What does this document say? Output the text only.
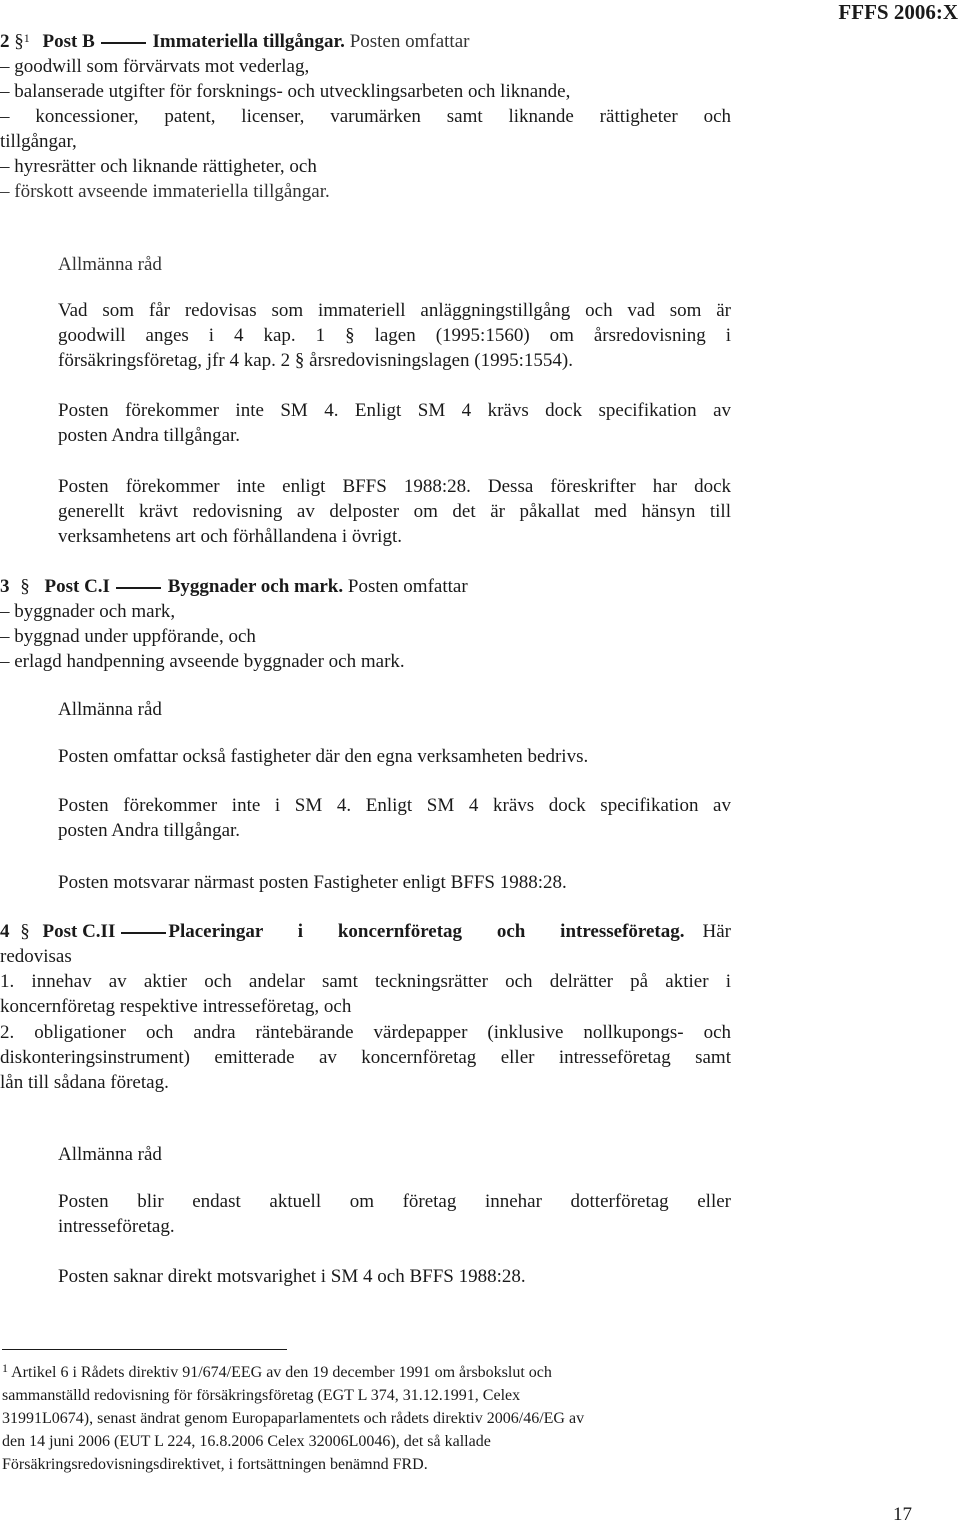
FFFS 2006:X
2 §$^1$ Post B	Immateriella tillgångar. Posten omfattar
– goodwill som förvärvats mot vederlag,
– balanserade utgifter för forsknings- och utvecklingsarbeten och liknande,
– koncessioner, patent, licenser, varumärken samt liknande rättigheter och
tillgångar,
– hyresrätter och liknande rättigheter, och
– förskott avseende immateriella tillgångar.
Allmänna råd
Vad som får redovisas som immateriell anläggningstillgång och vad som är
goodwill anges i 4 kap. 1 § lagen (1995:1560) om årsredovisning i
försäkringsföretag, jfr 4 kap. 2 § årsredovisningslagen (1995:1554).
Posten förekommer inte SM 4. Enligt SM 4 krävs dock specifikation av
posten Andra tillgångar.
Posten förekommer inte enligt BFFS 1988:28. Dessa föreskrifter har dock
generellt krävt redovisning av delposter om det är påkallat med hänsyn till
verksamhetens art och förhållandena i övrigt.
3 § Post C.I	Byggnader och mark. Posten omfattar
– byggnader och mark,
– byggnad under uppförande, och
– erlagd handpenning avseende byggnader och mark.
Allmänna råd
Posten omfattar också fastigheter där den egna verksamheten bedrivs.
Posten förekommer inte i SM 4. Enligt SM 4 krävs dock specifikation av
posten Andra tillgångar.
Posten motsvarar närmast posten Fastigheter enligt BFFS 1988:28.
4 § Post C.II	Placeringar i koncernföretag och intresseföretag. Här
redovisas
1. innehav av aktier och andelar samt teckningsrätter och delrätter på aktier i
koncernföretag respektive intresseföretag, och
2. obligationer och andra räntebärande värdepapper (inklusive nollkupongs- och
diskonteringsinstrument) emitterade av koncernföretag eller intresseföretag samt
lån till sådana företag.
Allmänna råd
Posten blir endast aktuell om företag innehar dotterföretag eller
intresseföretag.
Posten saknar direkt motsvarighet i SM 4 och BFFS 1988:28.
$^1$ Artikel 6 i Rådets direktiv 91/674/EEG av den 19 december 1991 om årsbokslut och
sammanställd redovisning för försäkringsföretag (EGT L 374, 31.12.1991, Celex
31991L0674), senast ändrat genom Europaparlamentets och rådets direktiv 2006/46/EG av
den 14 juni 2006 (EUT L 224, 16.8.2006 Celex 32006L0046), det så kallade
Försäkringsredovisningsdirektivet, i fortsättningen benämnd FRD.
17
